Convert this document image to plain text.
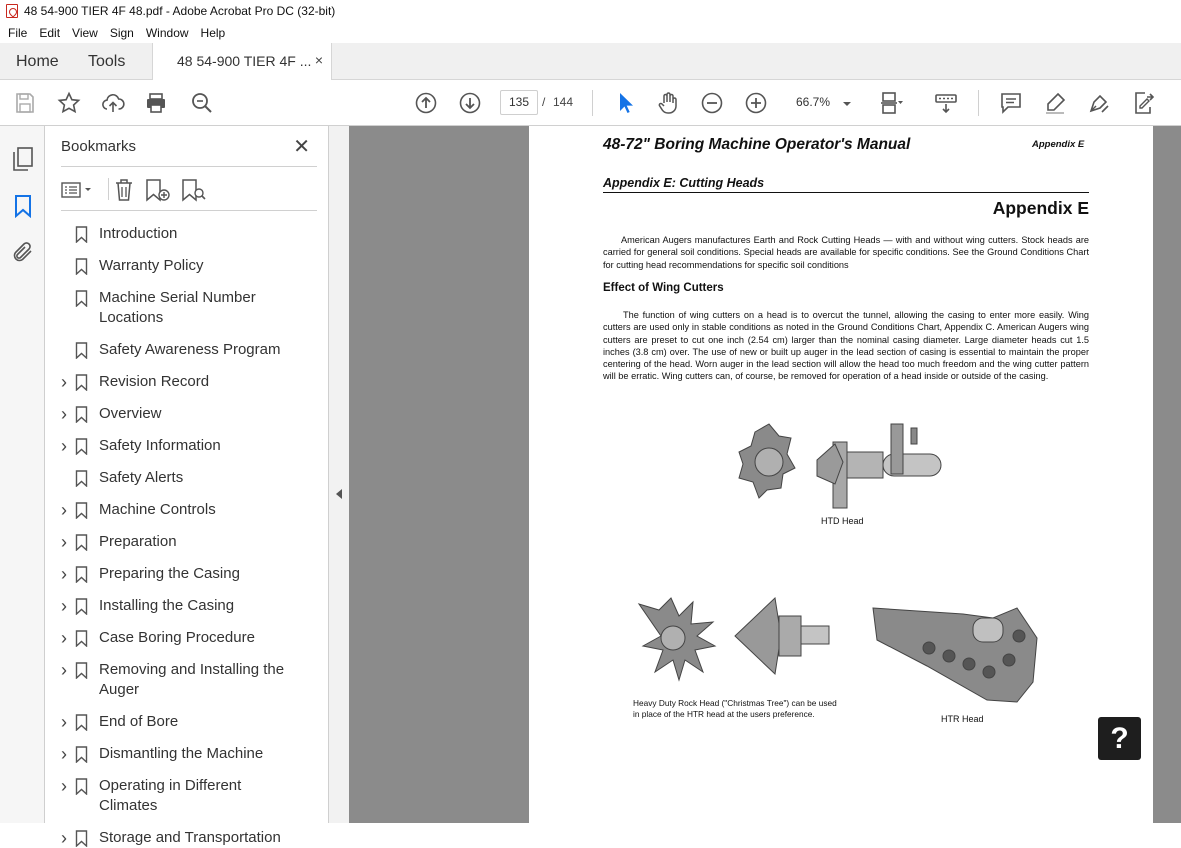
48 54-900 TIER 4F 48.pdf - Adobe Acrobat Pro DC (32-bit)
File Edit View Sign Window Help
Home	Tools	48 54-900 TIER 4F ... ×
135	/ 144	66.7%
Bookmarks	✕
Introduction
Warranty Policy
Machine Serial Number Locations
Safety Awareness Program
› Revision Record
› Overview
› Safety Information
Safety Alerts
› Machine Controls
› Preparation
› Preparing the Casing
› Installing the Casing
› Case Boring Procedure
› Removing and Installing the Auger
› End of Bore
› Dismantling the Machine
› Operating in Different Climates
› Storage and Transportation
48-72" Boring Machine Operator's Manual	Appendix E
Appendix E: Cutting Heads
Appendix E
American Augers manufactures Earth and Rock Cutting Heads — with and without wing cutters. Stock heads are carried for general soil conditions. Special heads are available for specific conditions. See the Ground Conditions Chart for cutting head recommendations for specific soil conditions
Effect of Wing Cutters
The function of wing cutters on a head is to overcut the tunnel, allowing the casing to enter more easily. Wing cutters are used only in stable conditions as noted in the Ground Conditions Chart, Appendix C. American Augers wing cutters are preset to cut one inch (2.54 cm) larger than the nominal casing diameter. Large diameter heads cut 1.5 inches (3.8 cm) over. The use of new or built up auger in the lead section of casing is essential to maintain the proper centering of the head. Worn auger in the lead section will allow the head too much freedom and the wing cutter pattern will be erratic. Wing cutters can, of course, be removed for operation of a head inside or outside of the casing.
HTD Head
Heavy Duty Rock Head ("Christmas Tree") can be used in place of the HTR head at the users preference.	HTR Head
?
